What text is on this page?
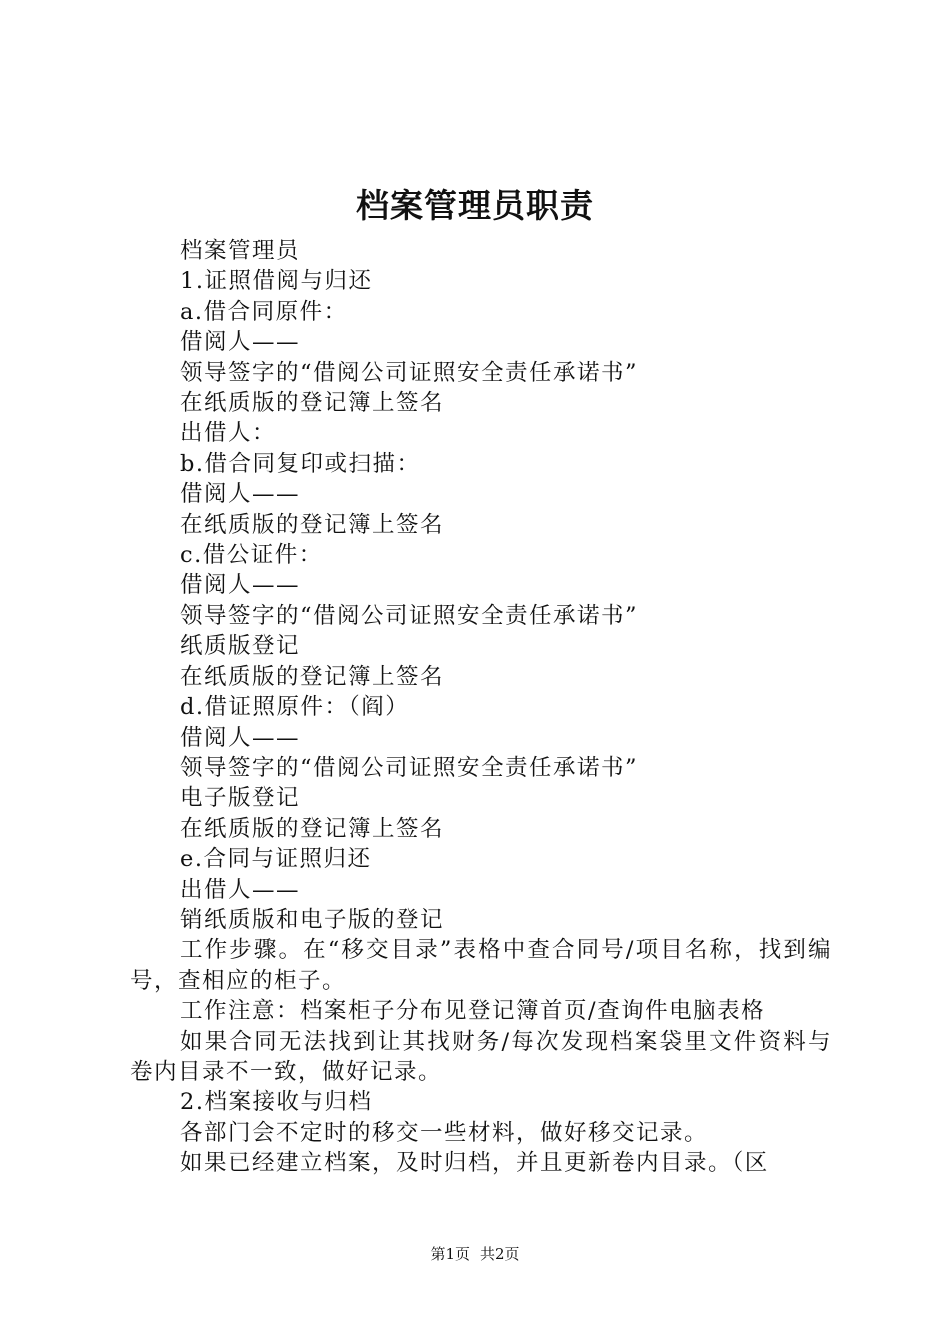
档案管理员职责

档案管理员

1.证照借阅与归还

a.借合同原件：

借阅人——

领导签字的“借阅公司证照安全责任承诺书”

在纸质版的登记簿上签名

出借人：

b.借合同复印或扫描：

借阅人——

在纸质版的登记簿上签名

c.借公证件：

借阅人——

领导签字的“借阅公司证照安全责任承诺书”

纸质版登记

在纸质版的登记簿上签名

d.借证照原件：（阎）

借阅人——

领导签字的“借阅公司证照安全责任承诺书”

电子版登记

在纸质版的登记簿上签名

e.合同与证照归还

出借人——

销纸质版和电子版的登记

工作步骤。在“移交目录”表格中查合同号/项目名称，找到编号，查相应的柜子。

工作注意：档案柜子分布见登记簿首页/查询件电脑表格

如果合同无法找到让其找财务/每次发现档案袋里文件资料与卷内目录不一致，做好记录。

2.档案接收与归档

各部门会不定时的移交一些材料，做好移交记录。

如果已经建立档案，及时归档，并且更新卷内目录。（区

第1页 共2页
